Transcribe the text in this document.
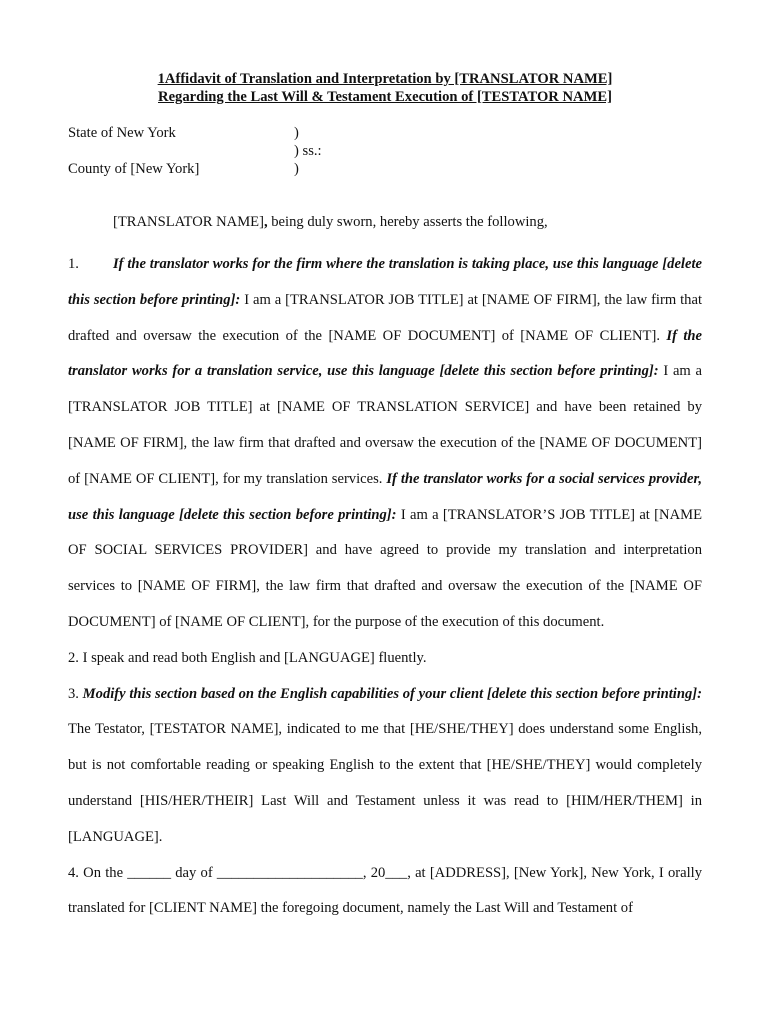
1Affidavit of Translation and Interpretation by [TRANSLATOR NAME]

Regarding the Last Will & Testament Execution of [TESTATOR NAME]

State of New York	)

) ss.:

County of [New York]	)

[TRANSLATOR NAME], being duly sworn, hereby asserts the following,

1. If the translator works for the firm where the translation is taking place, use this language [delete this section before printing]: I am a [TRANSLATOR JOB TITLE] at [NAME OF FIRM], the law firm that drafted and oversaw the execution of the [NAME OF DOCUMENT] of [NAME OF CLIENT]. If the translator works for a translation service, use this language [delete this section before printing]: I am a [TRANSLATOR JOB TITLE] at [NAME OF TRANSLATION SERVICE] and have been retained by [NAME OF FIRM], the law firm that drafted and oversaw the execution of the [NAME OF DOCUMENT] of [NAME OF CLIENT], for my translation services. If the translator works for a social services provider, use this language [delete this section before printing]: I am a [TRANSLATOR’S JOB TITLE] at [NAME OF SOCIAL SERVICES PROVIDER] and have agreed to provide my translation and interpretation services to [NAME OF FIRM], the law firm that drafted and oversaw the execution of the [NAME OF DOCUMENT] of [NAME OF CLIENT], for the purpose of the execution of this document.

2. I speak and read both English and [LANGUAGE] fluently.

3. Modify this section based on the English capabilities of your client [delete this section before printing]: The Testator, [TESTATOR NAME], indicated to me that [HE/SHE/THEY] does understand some English, but is not comfortable reading or speaking English to the extent that [HE/SHE/THEY] would completely understand [HIS/HER/THEIR] Last Will and Testament unless it was read to [HIM/HER/THEM] in [LANGUAGE].

4. On the ______ day of ____________________, 20___, at [ADDRESS], [New York], New York, I orally translated for [CLIENT NAME] the foregoing document, namely the Last Will and Testament of
